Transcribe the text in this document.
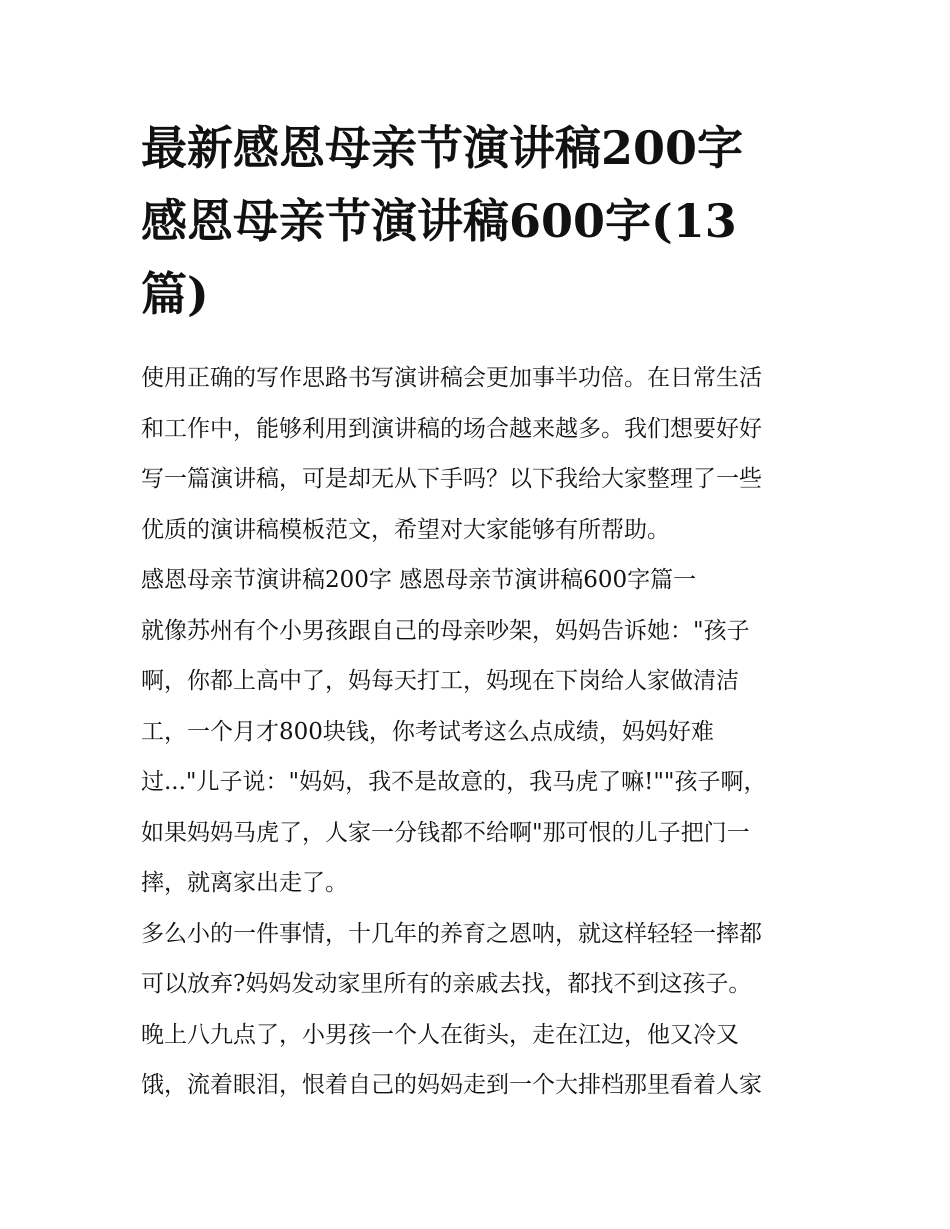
最新感恩母亲节演讲稿200字
感恩母亲节演讲稿600字(13
篇)
使用正确的写作思路书写演讲稿会更加事半功倍。在日常生活
和工作中，能够利用到演讲稿的场合越来越多。我们想要好好
写一篇演讲稿，可是却无从下手吗？以下我给大家整理了一些
优质的演讲稿模板范文，希望对大家能够有所帮助。
感恩母亲节演讲稿200字 感恩母亲节演讲稿600字篇一
就像苏州有个小男孩跟自己的母亲吵架，妈妈告诉她："孩子
啊，你都上高中了，妈每天打工，妈现在下岗给人家做清洁
工，一个月才800块钱，你考试考这么点成绩，妈妈好难
过..."儿子说："妈妈，我不是故意的，我马虎了嘛!""孩子啊，
如果妈妈马虎了，人家一分钱都不给啊"那可恨的儿子把门一
摔，就离家出走了。
多么小的一件事情，十几年的养育之恩呐，就这样轻轻一摔都
可以放弃?妈妈发动家里所有的亲戚去找，都找不到这孩子。
晚上八九点了，小男孩一个人在街头，走在江边，他又冷又
饿，流着眼泪，恨着自己的妈妈走到一个大排档那里看着人家
